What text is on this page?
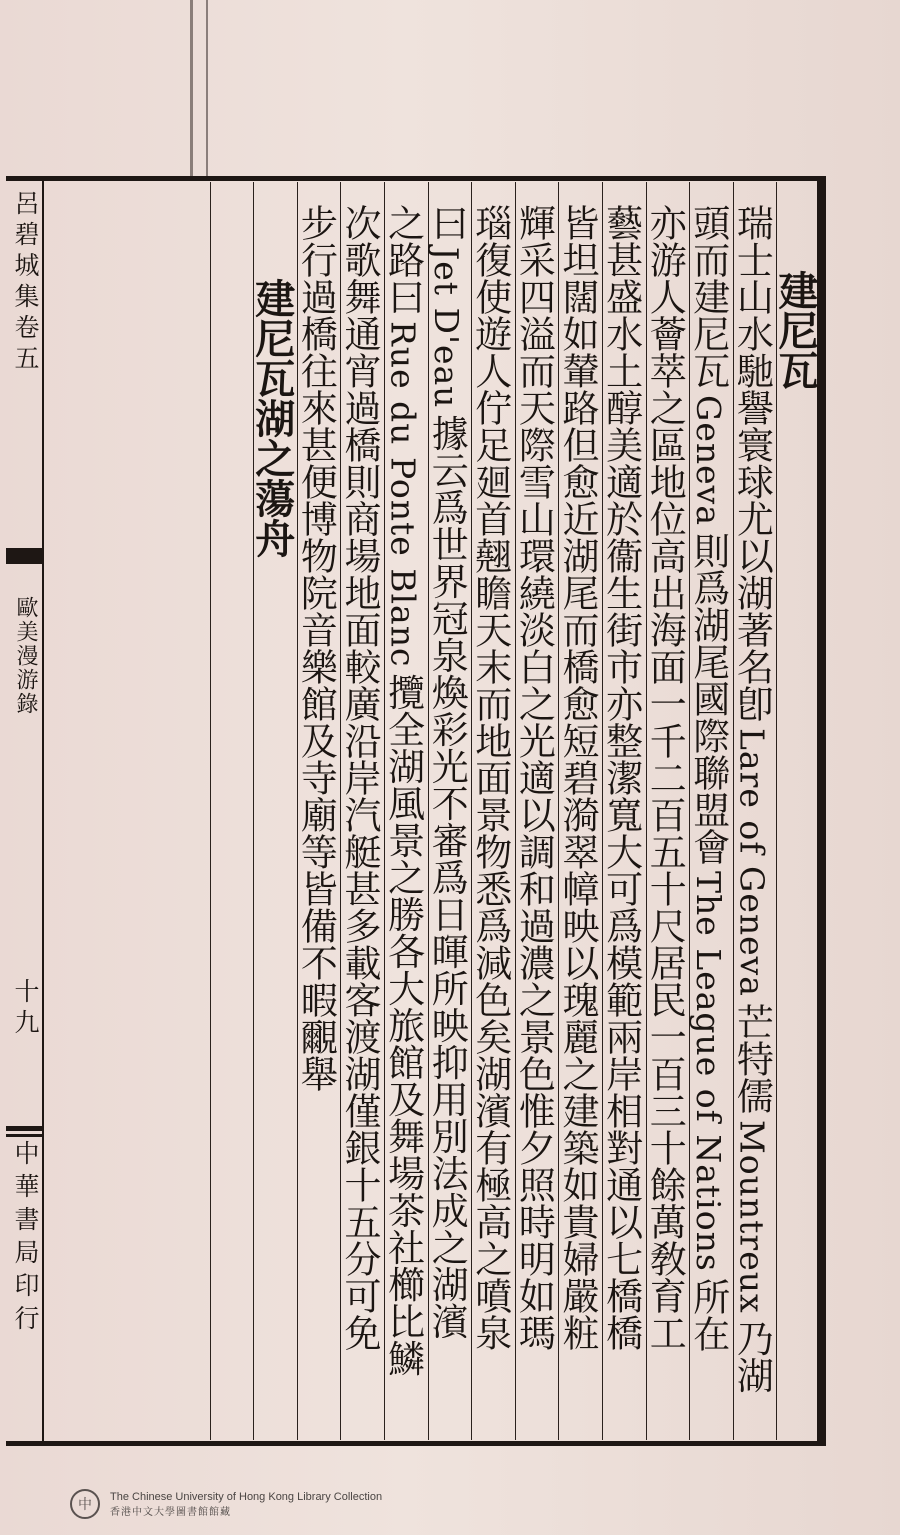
呂碧城集卷五
歐美漫游錄
十九
中華書局印行
建尼瓦
瑞士山水馳譽寰球尤以湖著名卽Lare of Geneva芒特儒Mountreux乃湖
頭而建尼瓦Geneva則爲湖尾國際聯盟會The League of Nations所在
亦游人薈萃之區地位高出海面一千二百五十尺居民一百三十餘萬敎育工
藝甚盛水土醇美適於衞生街市亦整潔寬大可爲模範兩岸相對通以七橋橋
皆坦闊如輦路但愈近湖尾而橋愈短碧漪翠幛映以瑰麗之建築如貴婦嚴粧
輝采四溢而天際雪山環繞淡白之光適以調和過濃之景色惟夕照時明如瑪
瑙復使遊人佇足廻首翹瞻天末而地面景物悉爲減色矣湖濱有極高之噴泉
曰Jet D'eau據云爲世界冠泉煥彩光不審爲日暉所映抑用別法成之湖濱
之路曰Rue du Ponte Blanc攬全湖風景之勝各大旅館及舞場茶社櫛比鱗
次歌舞通宵過橋則商場地面較廣沿岸汽艇甚多載客渡湖僅銀十五分可免
步行過橋往來甚便博物院音樂館及寺廟等皆備不暇覼舉
建尼瓦湖之蕩舟
中
The Chinese University of Hong Kong Library Collection
香港中文大學圖書館館藏
